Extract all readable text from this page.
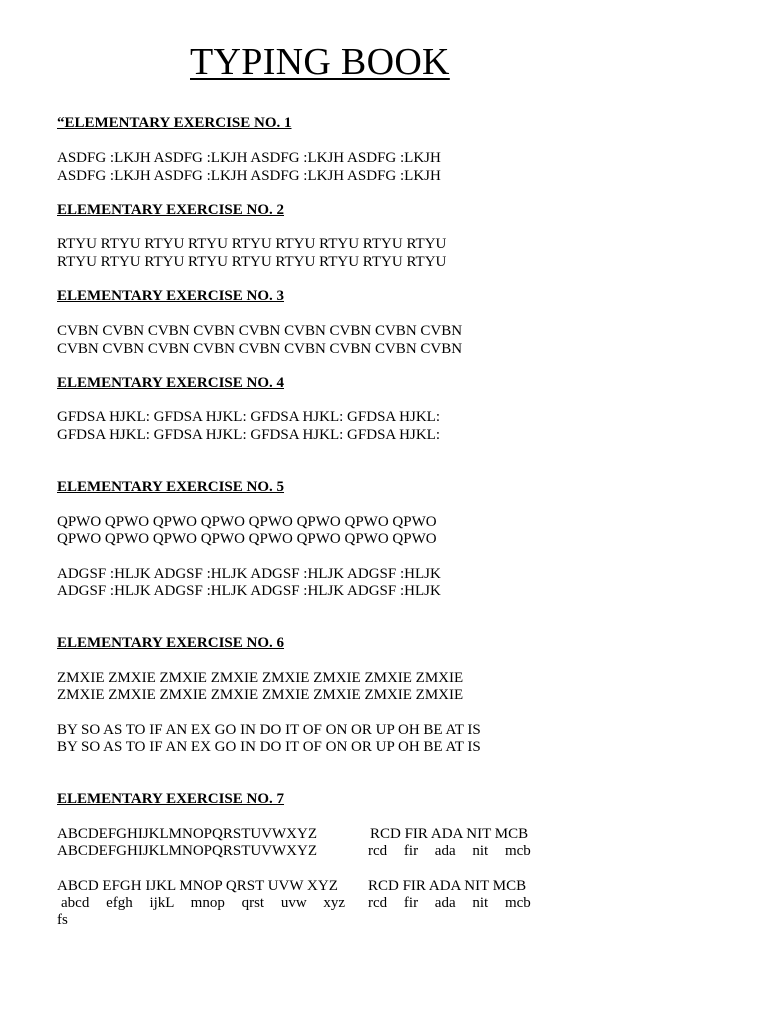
TYPING BOOK
“ELEMENTARY EXERCISE NO. 1
ASDFG :LKJH ASDFG :LKJH ASDFG :LKJH ASDFG :LKJH
ASDFG :LKJH ASDFG :LKJH ASDFG :LKJH ASDFG :LKJH
ELEMENTARY EXERCISE NO. 2
RTYU RTYU RTYU RTYU RTYU RTYU RTYU RTYU RTYU
RTYU RTYU RTYU RTYU RTYU RTYU RTYU RTYU RTYU
ELEMENTARY EXERCISE NO. 3
CVBN CVBN CVBN CVBN CVBN CVBN CVBN CVBN CVBN
CVBN CVBN CVBN CVBN CVBN CVBN CVBN CVBN CVBN
ELEMENTARY EXERCISE NO. 4
GFDSA HJKL: GFDSA HJKL: GFDSA HJKL: GFDSA HJKL:
GFDSA HJKL: GFDSA HJKL: GFDSA HJKL: GFDSA HJKL:
ELEMENTARY EXERCISE NO. 5
QPWO QPWO QPWO QPWO QPWO QPWO QPWO QPWO
QPWO QPWO QPWO QPWO QPWO QPWO QPWO QPWO
ADGSF :HLJK ADGSF :HLJK ADGSF :HLJK ADGSF :HLJK
ADGSF :HLJK ADGSF :HLJK ADGSF :HLJK ADGSF :HLJK
ELEMENTARY EXERCISE NO. 6
ZMXIE ZMXIE ZMXIE ZMXIE ZMXIE ZMXIE ZMXIE ZMXIE
ZMXIE ZMXIE ZMXIE ZMXIE ZMXIE ZMXIE ZMXIE ZMXIE
BY SO AS TO IF AN EX GO IN DO IT OF ON OR UP OH BE AT IS
BY SO AS TO IF AN EX GO IN DO IT OF ON OR UP OH BE AT IS
ELEMENTARY EXERCISE NO. 7
ABCDEFGHIJKLMNOPQRSTUVWXYZ	RCD FIR ADA NIT MCB
ABCDEFGHIJKLMNOPQRSTUVWXYZ	rcd fir ada nit mcb
ABCD EFGH IJKL MNOP QRST UVW XYZ RCD FIR ADA NIT MCB
abcd efgh ijkL mnop qrst uvw xyz rcd fir ada nit mcb
fs
